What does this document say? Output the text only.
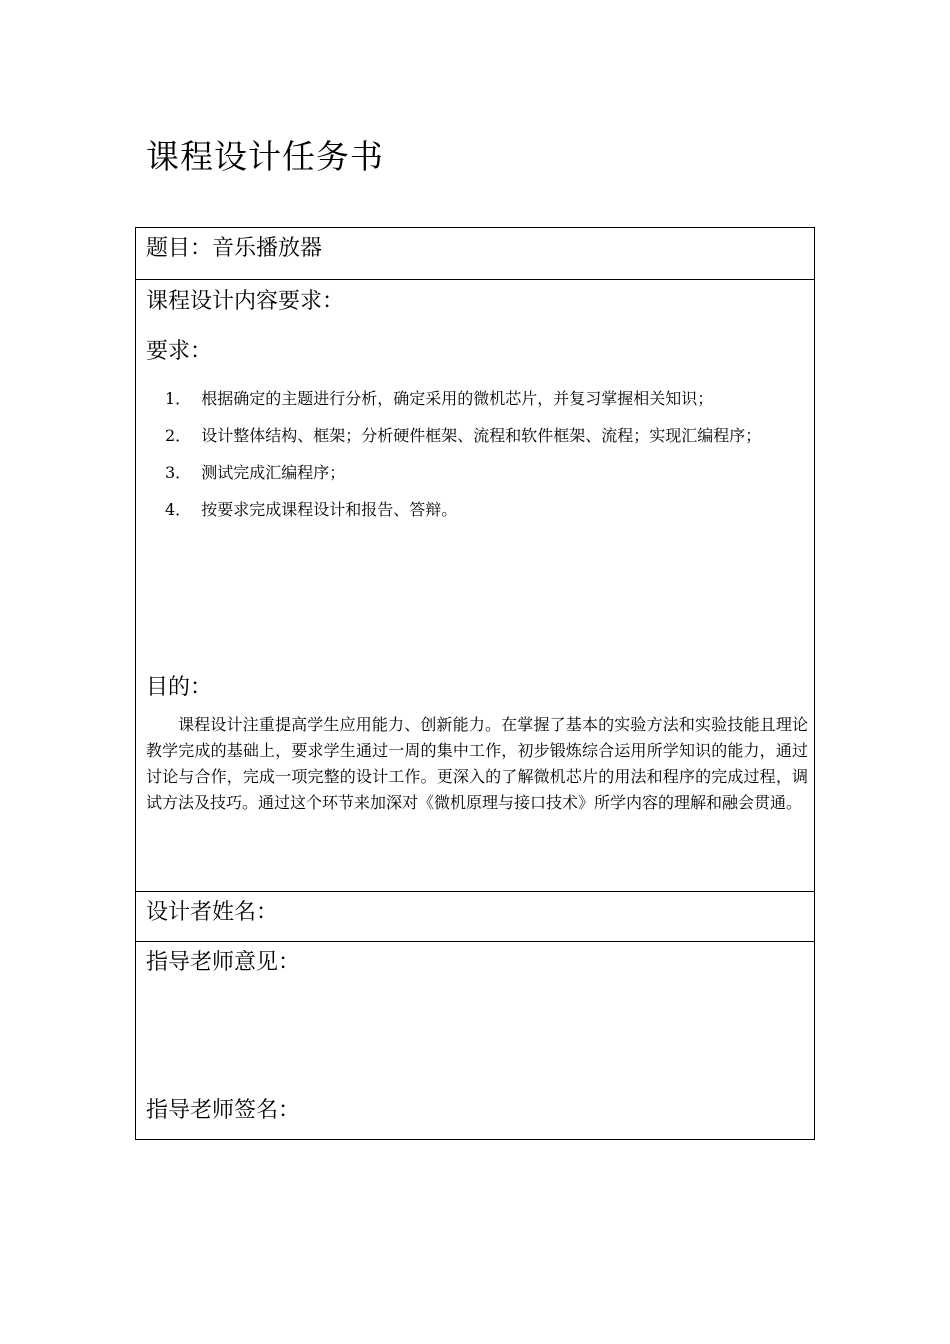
课程设计任务书
题目：音乐播放器
课程设计内容要求：
要求：
1． 根据确定的主题进行分析，确定采用的微机芯片，并复习掌握相关知识；
2． 设计整体结构、框架；分析硬件框架、流程和软件框架、流程；实现汇编程序；
3． 测试完成汇编程序；
4． 按要求完成课程设计和报告、答辩。
目的：

课程设计注重提高学生应用能力、创新能力。在掌握了基本的实验方法和实验技能且理论教学完成的基础上，要求学生通过一周的集中工作，初步锻炼综合运用所学知识的能力，通过讨论与合作，完成一项完整的设计工作。更深入的了解微机芯片的用法和程序的完成过程，调试方法及技巧。通过这个环节来加深对《微机原理与接口技术》所学内容的理解和融会贯通。

设计者姓名：
指导老师意见：
指导老师签名：
